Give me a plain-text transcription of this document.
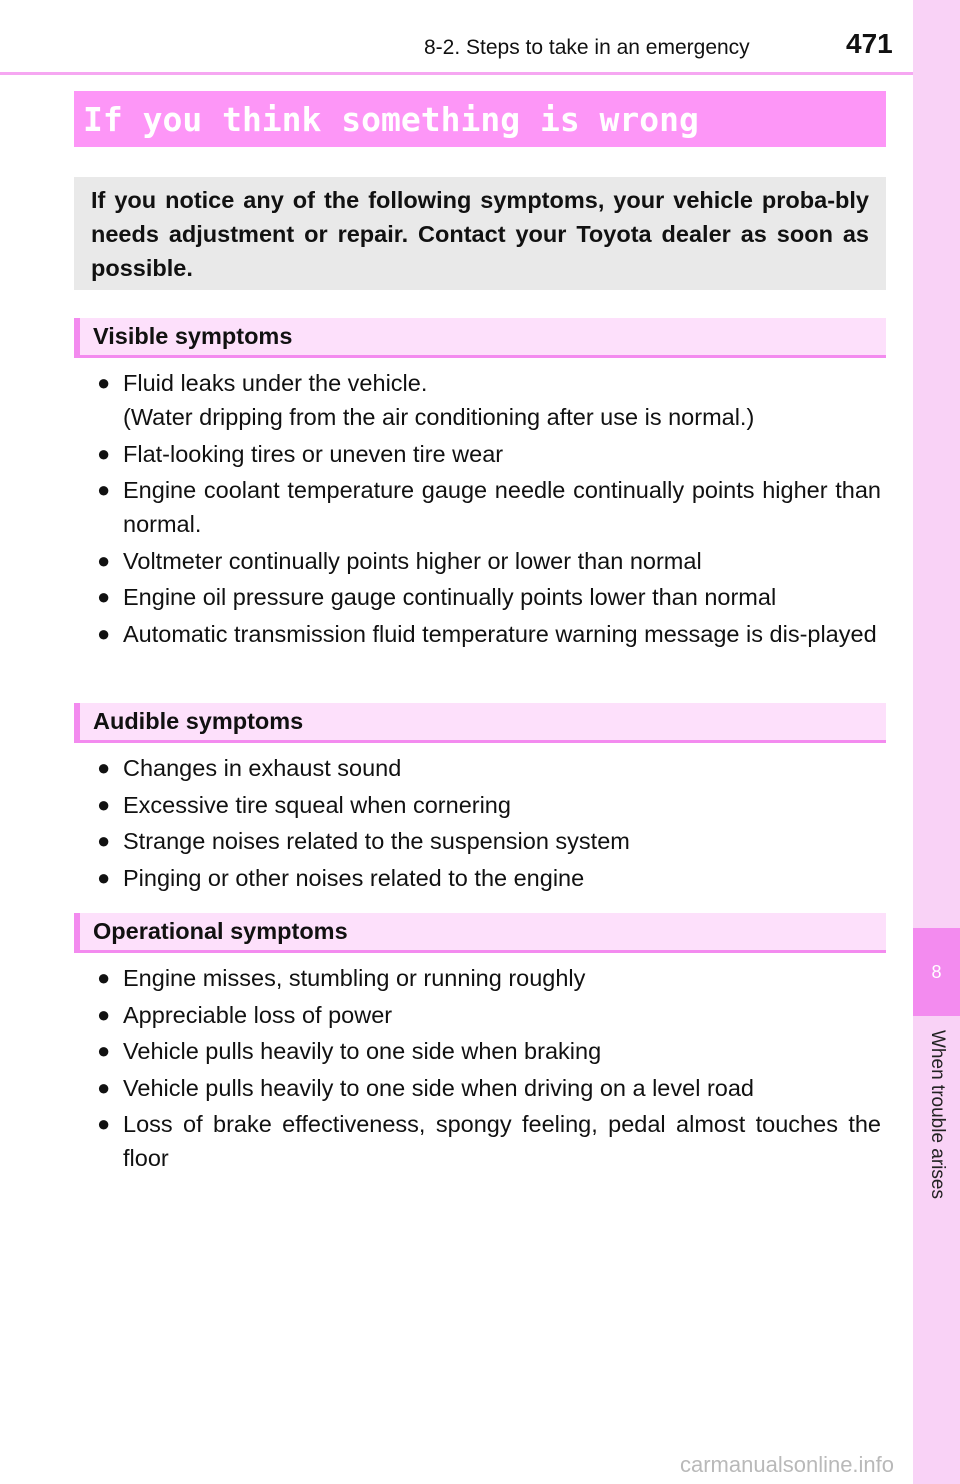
8
When trouble arises
8-2. Steps to take in an emergency	471
If you think something is wrong
If you notice any of the following symptoms, your vehicle proba-bly needs adjustment or repair. Contact your Toyota dealer as soon as possible.
Visible symptoms
● Fluid leaks under the vehicle.
(Water dripping from the air conditioning after use is normal.)
● Flat-looking tires or uneven tire wear
● Engine coolant temperature gauge needle continually points higher than normal.
● Voltmeter continually points higher or lower than normal
● Engine oil pressure gauge continually points lower than normal
● Automatic transmission fluid temperature warning message is dis-played
Audible symptoms
● Changes in exhaust sound
● Excessive tire squeal when cornering
● Strange noises related to the suspension system
● Pinging or other noises related to the engine
Operational symptoms
● Engine misses, stumbling or running roughly
● Appreciable loss of power
● Vehicle pulls heavily to one side when braking
● Vehicle pulls heavily to one side when driving on a level road
● Loss of brake effectiveness, spongy feeling, pedal almost touches the floor
carmanualsonline.info
